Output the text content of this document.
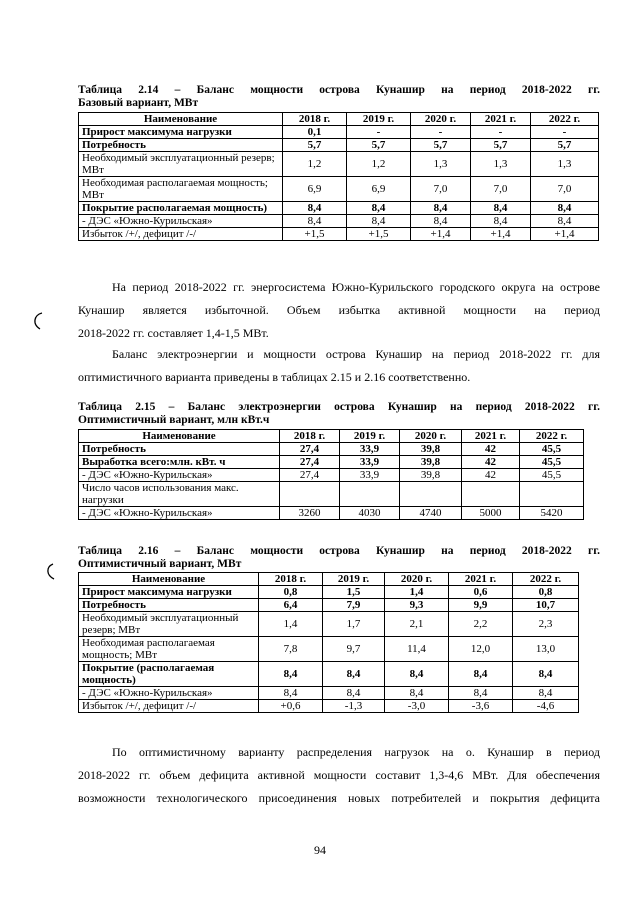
Таблица 2.14 – Баланс мощности острова Кунашир на период 2018-2022 гг.
Базовый вариант, МВт
Наименование	2018 г.	2019 г.	2020 г.	2021 г.	2022 г.
Прирост максимума нагрузки	0,1	-	-	-	-
Потребность	5,7	5,7	5,7	5,7	5,7
Необходимый эксплуатационный резерв; МВт	1,2	1,2	1,3	1,3	1,3
Необходимая располагаемая мощность; МВт	6,9	6,9	7,0	7,0	7,0
Покрытие располагаемая мощность)	8,4	8,4	8,4	8,4	8,4
- ДЭС «Южно-Курильская»	8,4	8,4	8,4	8,4	8,4
Избыток /+/, дефицит /-/	+1,5	+1,5	+1,4	+1,4	+1,4
На период 2018-2022 гг. энергосистема Южно-Курильского городского округа на острове
Кунашир является избыточной. Объем избытка активной мощности на период
2018-2022 гг. составляет 1,4-1,5 МВт.
Баланс электроэнергии и мощности острова Кунашир на период 2018-2022 гг. для
оптимистичного варианта приведены в таблицах 2.15 и 2.16 соответственно.
Таблица 2.15 – Баланс электроэнергии острова Кунашир на период 2018-2022 гг.
Оптимистичный вариант, млн кВт.ч
Наименование	2018 г.	2019 г.	2020 г.	2021 г.	2022 г.
Потребность	27,4	33,9	39,8	42	45,5
Выработка всего:млн. кВт. ч	27,4	33,9	39,8	42	45,5
- ДЭС «Южно-Курильская»	27,4	33,9	39,8	42	45,5
Число часов использования макс. нагрузки					
- ДЭС «Южно-Курильская»	3260	4030	4740	5000	5420
Таблица 2.16 – Баланс мощности острова Кунашир на период 2018-2022 гг.
Оптимистичный вариант, МВт
Наименование	2018 г.	2019 г.	2020 г.	2021 г.	2022 г.
Прирост максимума нагрузки	0,8	1,5	1,4	0,6	0,8
Потребность	6,4	7,9	9,3	9,9	10,7
Необходимый эксплуатационный резерв; МВт	1,4	1,7	2,1	2,2	2,3
Необходимая располагаемая мощность; МВт	7,8	9,7	11,4	12,0	13,0
Покрытие (располагаемая мощность)	8,4	8,4	8,4	8,4	8,4
- ДЭС «Южно-Курильская»	8,4	8,4	8,4	8,4	8,4
Избыток /+/, дефицит /-/	+0,6	-1,3	-3,0	-3,6	-4,6
По оптимистичному варианту распределения нагрузок на о. Кунашир в период
2018-2022 гг. объем дефицита активной мощности составит 1,3-4,6 МВт. Для обеспечения
возможности технологического присоединения новых потребителей и покрытия дефицита
94
